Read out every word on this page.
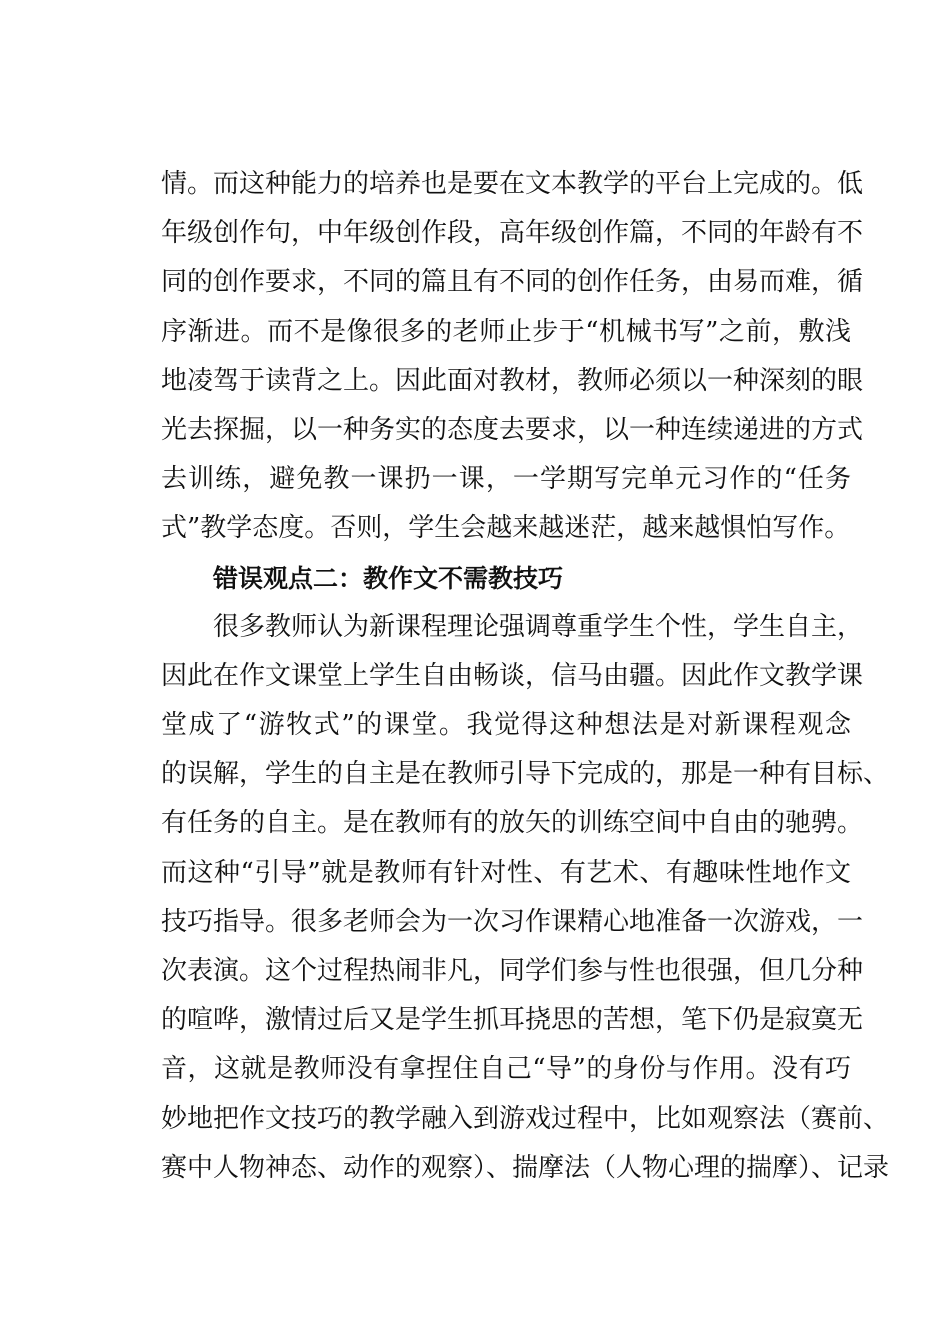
情。而这种能力的培养也是要在文本教学的平台上完成的。低
年级创作句，中年级创作段，高年级创作篇，不同的年龄有不
同的创作要求，不同的篇且有不同的创作任务，由易而难，循
序渐进。而不是像很多的老师止步于“机械书写”之前，敷浅
地凌驾于读背之上。因此面对教材，教师必须以一种深刻的眼
光去探掘，以一种务实的态度去要求，以一种连续递进的方式
去训练，避免教一课扔一课，一学期写完单元习作的“任务
式”教学态度。否则，学生会越来越迷茫，越来越惧怕写作。
错误观点二：教作文不需教技巧
很多教师认为新课程理论强调尊重学生个性，学生自主，
因此在作文课堂上学生自由畅谈，信马由疆。因此作文教学课
堂成了“游牧式”的课堂。我觉得这种想法是对新课程观念
的误解，学生的自主是在教师引导下完成的，那是一种有目标、
有任务的自主。是在教师有的放矢的训练空间中自由的驰骋。
而这种“引导”就是教师有针对性、有艺术、有趣味性地作文
技巧指导。很多老师会为一次习作课精心地准备一次游戏，一
次表演。这个过程热闹非凡，同学们参与性也很强，但几分种
的喧哗，激情过后又是学生抓耳挠思的苦想，笔下仍是寂寞无
音，这就是教师没有拿捏住自己“导”的身份与作用。没有巧
妙地把作文技巧的教学融入到游戏过程中，比如观察法（赛前、
赛中人物神态、动作的观察）、揣摩法（人物心理的揣摩）、记录
